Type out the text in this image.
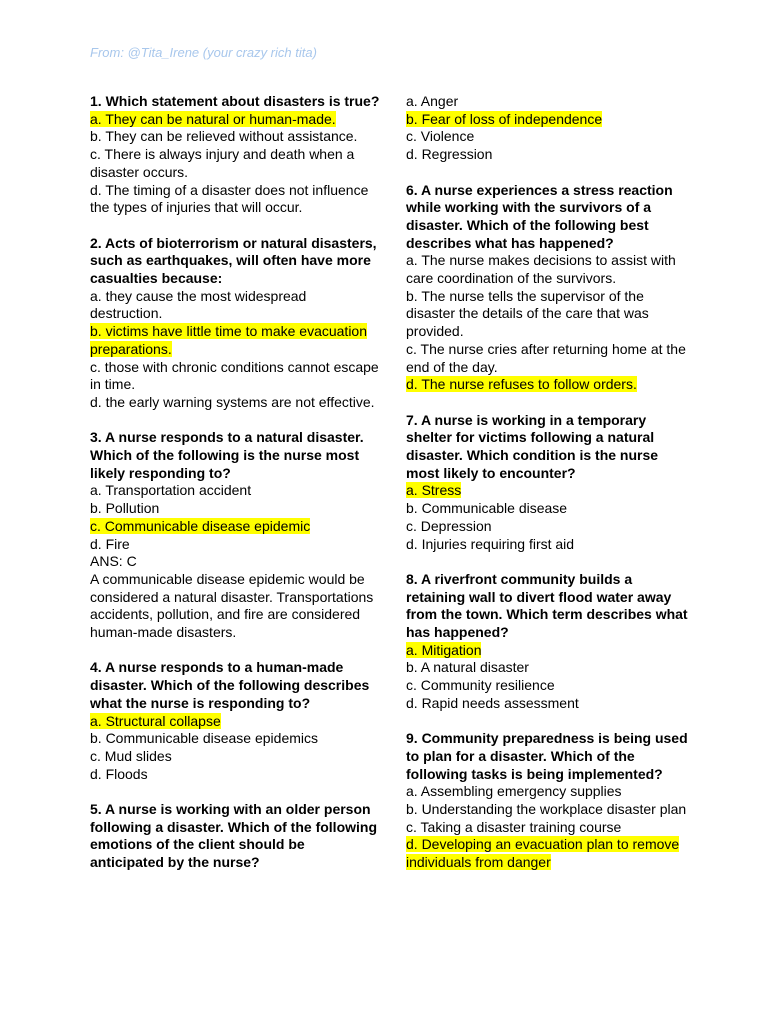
From: @Tita_Irene (your crazy rich tita)
1. Which statement about disasters is true?
a. They can be natural or human-made.
b. They can be relieved without assistance.
c. There is always injury and death when a disaster occurs.
d. The timing of a disaster does not influence the types of injuries that will occur.
2. Acts of bioterrorism or natural disasters, such as earthquakes, will often have more casualties because:
a. they cause the most widespread destruction.
b. victims have little time to make evacuation preparations.
c. those with chronic conditions cannot escape in time.
d. the early warning systems are not effective.
3. A nurse responds to a natural disaster. Which of the following is the nurse most likely responding to?
a. Transportation accident
b. Pollution
c. Communicable disease epidemic
d. Fire
ANS: C
A communicable disease epidemic would be considered a natural disaster. Transportations accidents, pollution, and fire are considered human-made disasters.
4. A nurse responds to a human-made disaster. Which of the following describes what the nurse is responding to?
a. Structural collapse
b. Communicable disease epidemics
c. Mud slides
d. Floods
5. A nurse is working with an older person following a disaster. Which of the following emotions of the client should be anticipated by the nurse?
a. Anger
b. Fear of loss of independence
c. Violence
d. Regression
6. A nurse experiences a stress reaction while working with the survivors of a disaster. Which of the following best describes what has happened?
a. The nurse makes decisions to assist with care coordination of the survivors.
b. The nurse tells the supervisor of the disaster the details of the care that was provided.
c. The nurse cries after returning home at the end of the day.
d. The nurse refuses to follow orders.
7. A nurse is working in a temporary shelter for victims following a natural disaster. Which condition is the nurse most likely to encounter?
a. Stress
b. Communicable disease
c. Depression
d. Injuries requiring first aid
8. A riverfront community builds a retaining wall to divert flood water away from the town. Which term describes what has happened?
a. Mitigation
b. A natural disaster
c. Community resilience
d. Rapid needs assessment
9. Community preparedness is being used to plan for a disaster. Which of the following tasks is being implemented?
a. Assembling emergency supplies
b. Understanding the workplace disaster plan
c. Taking a disaster training course
d. Developing an evacuation plan to remove individuals from danger
